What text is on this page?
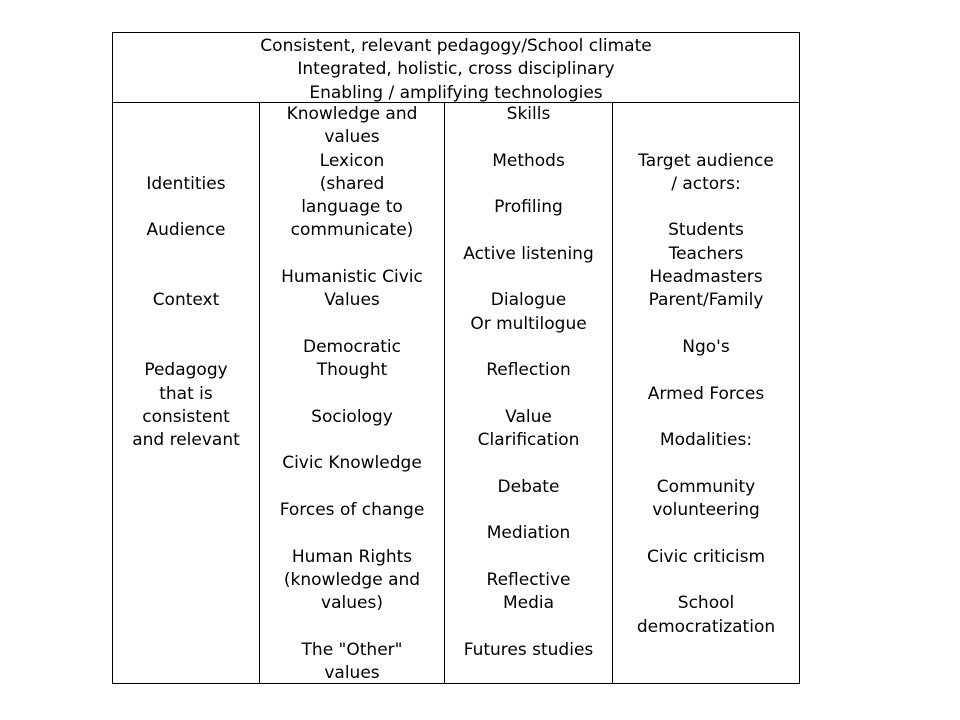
Consistent, relevant pedagogy/School climate
Integrated, holistic, cross disciplinary
Enabling / amplifying technologies
Identities
Audience
Context
Pedagogy
that is
consistent
and relevant
Knowledge and
values
Lexicon
(shared
language to
communicate)
Humanistic Civic
Values
Democratic
Thought
Sociology
Civic Knowledge
Forces of change
Human Rights
(knowledge and
values)
The "Other"
values
Skills
Methods
Profiling
Active listening
Dialogue
Or multilogue
Reflection
Value
Clarification
Debate
Mediation
Reflective
Media
Futures studies
Target audience
/ actors:
Students
Teachers
Headmasters
Parent/Family
Ngo's
Armed Forces
Modalities:
Community
volunteering
Civic criticism
School
democratization
